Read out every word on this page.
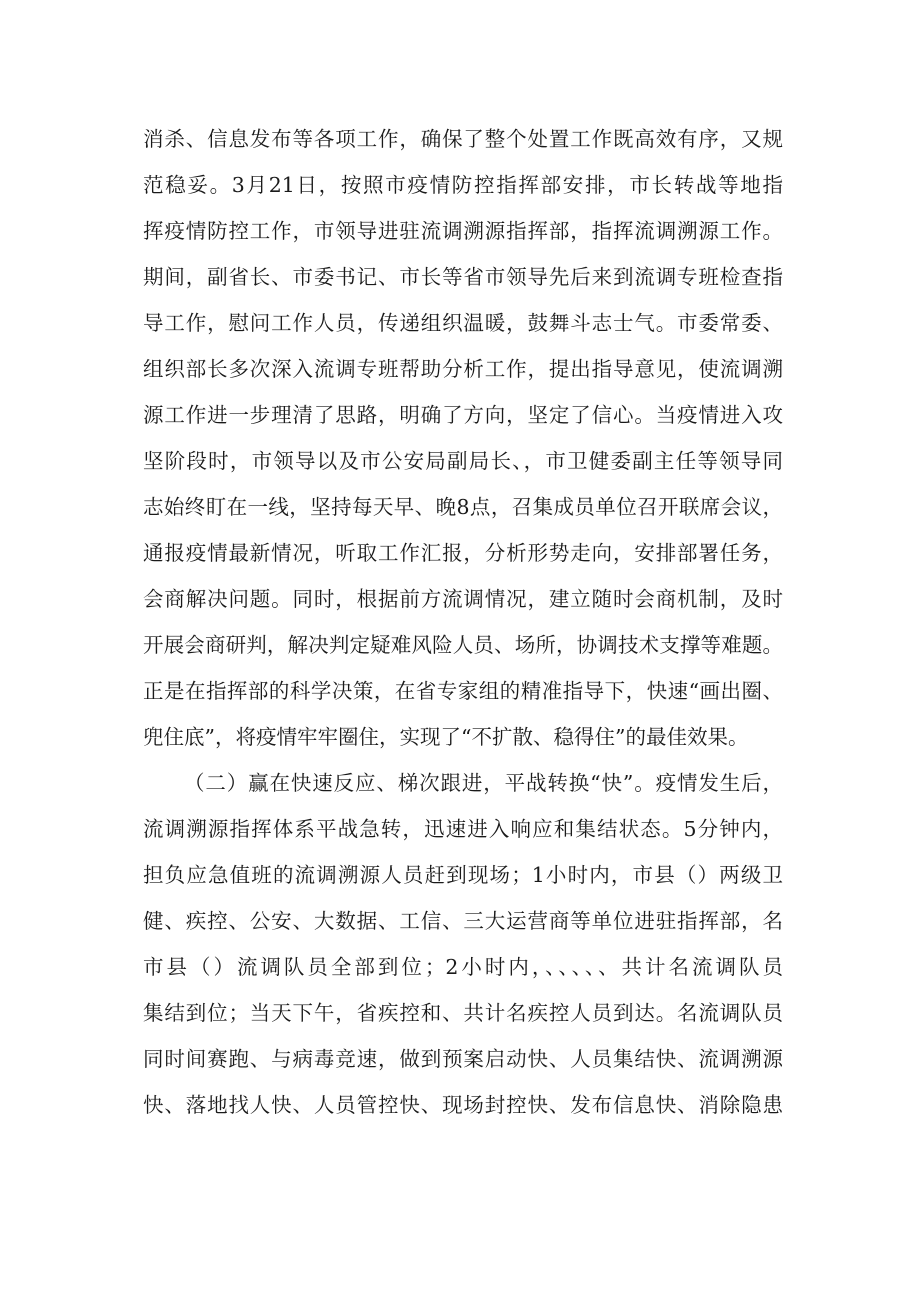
消杀、信息发布等各项工作，确保了整个处置工作既高效有序，又规
范稳妥。3月21日，按照市疫情防控指挥部安排，市长转战等地指
挥疫情防控工作，市领导进驻流调溯源指挥部，指挥流调溯源工作。
期间，副省长、市委书记、市长等省市领导先后来到流调专班检查指
导工作，慰问工作人员，传递组织温暖，鼓舞斗志士气。市委常委、
组织部长多次深入流调专班帮助分析工作，提出指导意见，使流调溯
源工作进一步理清了思路，明确了方向，坚定了信心。当疫情进入攻
坚阶段时，市领导以及市公安局副局长、，市卫健委副主任等领导同
志始终盯在一线，坚持每天早、晚8点，召集成员单位召开联席会议，
通报疫情最新情况，听取工作汇报，分析形势走向，安排部署任务，
会商解决问题。同时，根据前方流调情况，建立随时会商机制，及时
开展会商研判，解决判定疑难风险人员、场所，协调技术支撑等难题。
正是在指挥部的科学决策，在省专家组的精准指导下，快速“画出圈、
兜住底”，将疫情牢牢圈住，实现了“不扩散、稳得住”的最佳效果。
（二）赢在快速反应、梯次跟进，平战转换“快”。疫情发生后，
流调溯源指挥体系平战急转，迅速进入响应和集结状态。5分钟内，
担负应急值班的流调溯源人员赶到现场；1小时内，市县（）两级卫
健、疾控、公安、大数据、工信、三大运营商等单位进驻指挥部，名
市县（）流调队员全部到位；2小时内，、、、、、共计名流调队员
集结到位；当天下午，省疾控和、共计名疾控人员到达。名流调队员
同时间赛跑、与病毒竞速，做到预案启动快、人员集结快、流调溯源
快、落地找人快、人员管控快、现场封控快、发布信息快、消除隐患
